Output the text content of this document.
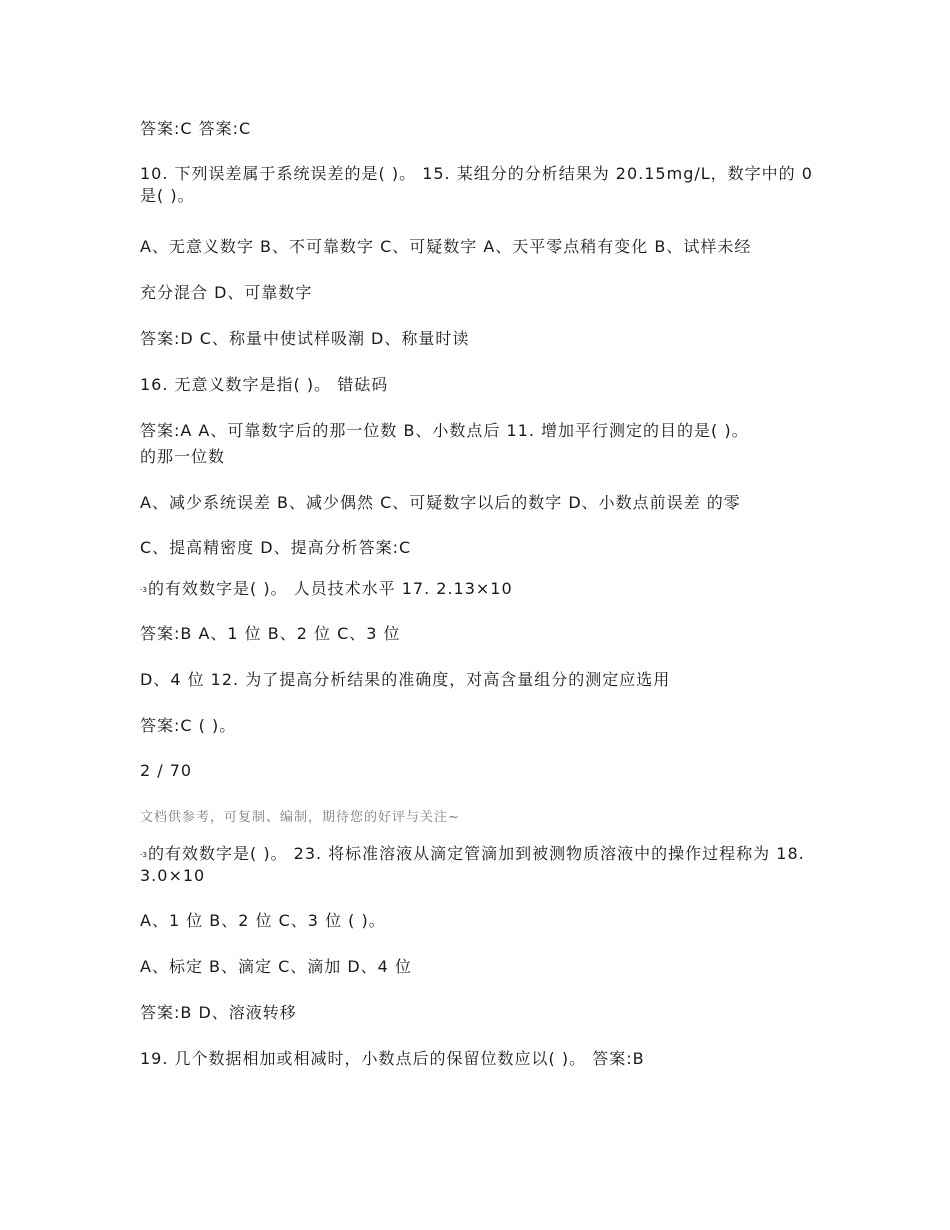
答案:C 答案:C
10. 下列误差属于系统误差的是( )。 15. 某组分的分析结果为 20.15mg/L，数字中的 0 是( )。
A、无意义数字 B、不可靠数字 C、可疑数字 A、天平零点稍有变化 B、试样未经
充分混合 D、可靠数字
答案:D C、称量中使试样吸潮 D、称量时读
16. 无意义数字是指( )。 错砝码
答案:A A、可靠数字后的那一位数 B、小数点后 11. 增加平行测定的目的是( )。
的那一位数
A、减少系统误差 B、减少偶然 C、可疑数字以后的数字 D、小数点前误差 的零
C、提高精密度 D、提高分析答案:C
$^{-3}$的有效数字是( )。 人员技术水平 17. 2.13×10
答案:B A、1 位 B、2 位 C、3 位
D、4 位 12. 为了提高分析结果的准确度，对高含量组分的测定应选用
答案:C ( )。
2 / 70
文档供参考，可复制、编制，期待您的好评与关注~
$^{-3}$的有效数字是( )。 23. 将标准溶液从滴定管滴加到被测物质溶液中的操作过程称为 18.
3.0×10
A、1 位 B、2 位 C、3 位 ( )。
A、标定 B、滴定 C、滴加 D、4 位
答案:B D、溶液转移
19. 几个数据相加或相减时，小数点后的保留位数应以( )。 答案:B
